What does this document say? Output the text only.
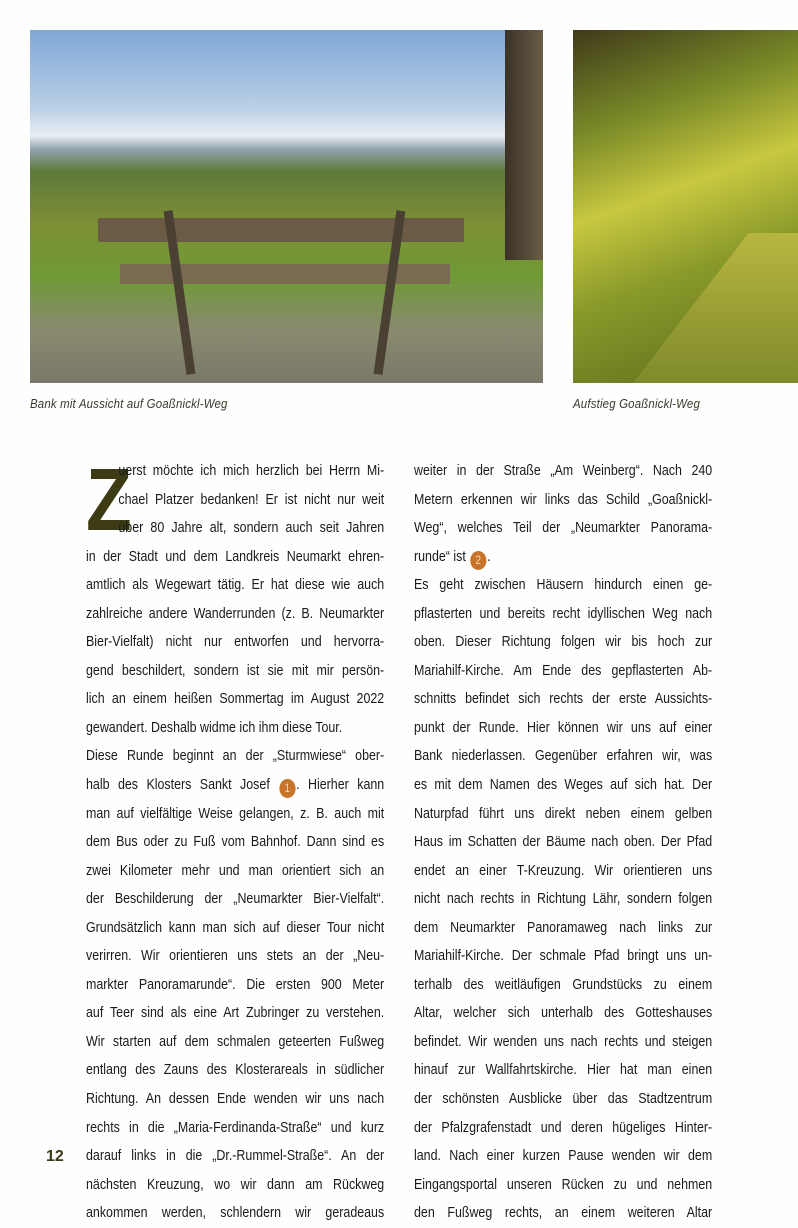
Bank mit Aussicht auf Goaßnickl-Weg	Aufstieg Goaßnickl-Weg
Z
uerst möchte ich mich herzlich bei Herrn Mi-
chael Platzer bedanken! Er ist nicht nur weit
über 80 Jahre alt, sondern auch seit Jahren
in der Stadt und dem Landkreis Neumarkt ehren-
amtlich als Wegewart tätig. Er hat diese wie auch
zahlreiche andere Wanderrunden (z. B. Neumarkter
Bier-Vielfalt) nicht nur entworfen und hervorra-
gend beschildert, sondern ist sie mit mir persön-
lich an einem heißen Sommertag im August 2022
gewandert. Deshalb widme ich ihm diese Tour.
Diese Runde beginnt an der „Sturmwiese“ ober-
halb des Klosters Sankt Josef 1 . Hierher kann
man auf vielfältige Weise gelangen, z. B. auch mit
dem Bus oder zu Fuß vom Bahnhof. Dann sind es
zwei Kilometer mehr und man orientiert sich an
der Beschilderung der „Neumarkter Bier-Vielfalt“.
Grundsätzlich kann man sich auf dieser Tour nicht
verirren. Wir orientieren uns stets an der „Neu-
markter Panoramarunde“. Die ersten 900 Meter
auf Teer sind als eine Art Zubringer zu verstehen.
Wir starten auf dem schmalen geteerten Fußweg
entlang des Zauns des Klosterareals in südlicher
Richtung. An dessen Ende wenden wir uns nach
rechts in die „Maria-Ferdinanda-Straße“ und kurz
darauf links in die „Dr.-Rummel-Straße“. An der
nächsten Kreuzung, wo wir dann am Rückweg
ankommen werden, schlendern wir geradeaus
weiter in der Straße „Am Weinberg“. Nach 240
Metern erkennen wir links das Schild „Goaßnickl-
Weg“, welches Teil der „Neumarkter Panorama-
runde“ ist 2 .
Es geht zwischen Häusern hindurch einen ge-
pflasterten und bereits recht idyllischen Weg nach
oben. Dieser Richtung folgen wir bis hoch zur
Mariahilf-Kirche. Am Ende des gepflasterten Ab-
schnitts befindet sich rechts der erste Aussichts-
punkt der Runde. Hier können wir uns auf einer
Bank niederlassen. Gegenüber erfahren wir, was
es mit dem Namen des Weges auf sich hat. Der
Naturpfad führt uns direkt neben einem gelben
Haus im Schatten der Bäume nach oben. Der Pfad
endet an einer T-Kreuzung. Wir orientieren uns
nicht nach rechts in Richtung Lähr, sondern folgen
dem Neumarkter Panoramaweg nach links zur
Mariahilf-Kirche. Der schmale Pfad bringt uns un-
terhalb des weitläufigen Grundstücks zu einem
Altar, welcher sich unterhalb des Gotteshauses
befindet. Wir wenden uns nach rechts und steigen
hinauf zur Wallfahrtskirche. Hier hat man einen
der schönsten Ausblicke über das Stadtzentrum
der Pfalzgrafenstadt und deren hügeliges Hinter-
land. Nach einer kurzen Pause wenden wir dem
Eingangsportal unseren Rücken zu und nehmen
den Fußweg rechts, an einem weiteren Altar
12
